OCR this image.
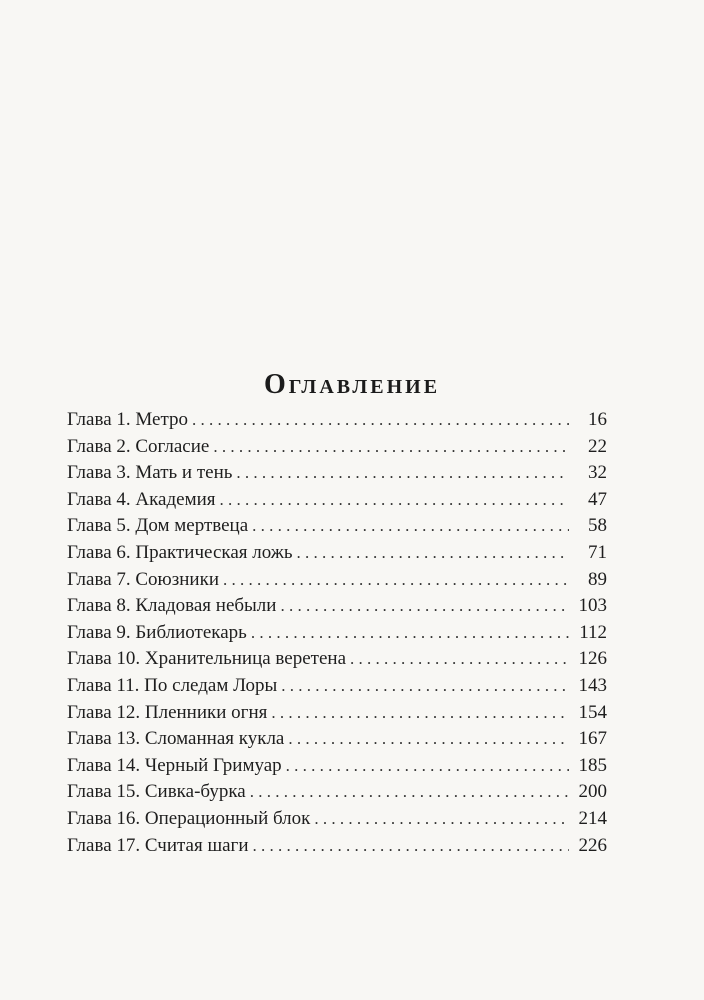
Оглавление
Глава 1. Метро . . .	16
Глава 2. Согласие . . .	22
Глава 3. Мать и тень . . .	32
Глава 4. Академия . . .	47
Глава 5. Дом мертвеца . . .	58
Глава 6. Практическая ложь . . .	71
Глава 7. Союзники . . .	89
Глава 8. Кладовая небыли . . .	103
Глава 9. Библиотекарь . . .	112
Глава 10. Хранительница веретена . . .	126
Глава 11. По следам Лоры . . .	143
Глава 12. Пленники огня . . .	154
Глава 13. Сломанная кукла . . .	167
Глава 14. Черный Гримуар . . .	185
Глава 15. Сивка-бурка . . .	200
Глава 16. Операционный блок . . .	214
Глава 17. Считая шаги . . .	226
